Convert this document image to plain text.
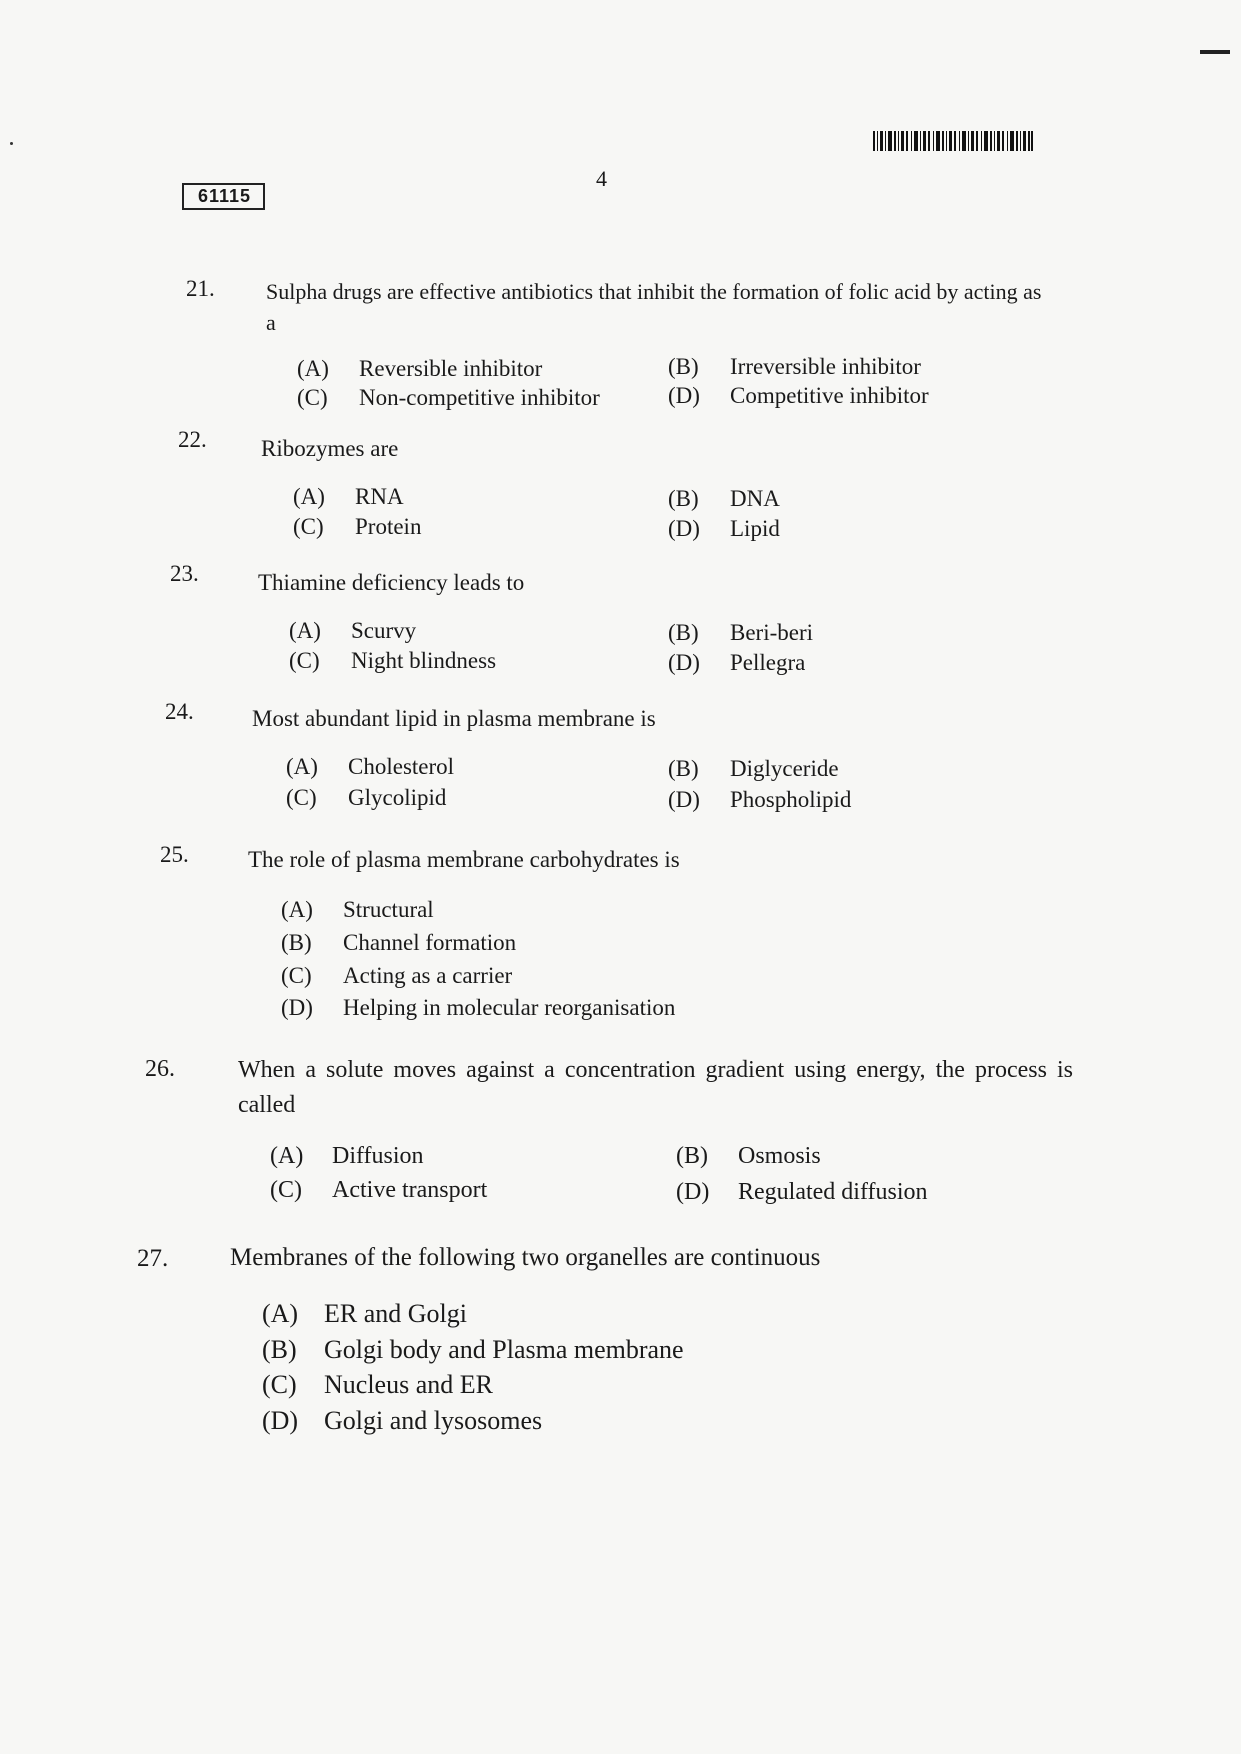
4
61115
21. Sulpha drugs are effective antibiotics that inhibit the formation of folic acid by acting as a
(A) Reversible inhibitor	(B) Irreversible inhibitor
(C) Non-competitive inhibitor	(D) Competitive inhibitor
22. Ribozymes are
(A) RNA	(B) DNA
(C) Protein	(D) Lipid
23.	Thiamine deficiency leads to
(A) Scurvy	(B) Beri-beri
(C) Night blindness	(D) Pellegra
24.	Most abundant lipid in plasma membrane is
(A) Cholesterol	(B) Diglyceride
(C) Glycolipid	(D) Phospholipid
25.	The role of plasma membrane carbohydrates is
(A) Structural
(B) Channel formation
(C) Acting as a carrier
(D) Helping in molecular reorganisation
26.	When a solute moves against a concentration gradient using energy, the process is called
(A) Diffusion	(B) Osmosis
(C) Active transport	(D) Regulated diffusion
27. Membranes of the following two organelles are continuous
(A) ER and Golgi
(B) Golgi body and Plasma membrane
(C) Nucleus and ER
(D) Golgi and lysosomes
